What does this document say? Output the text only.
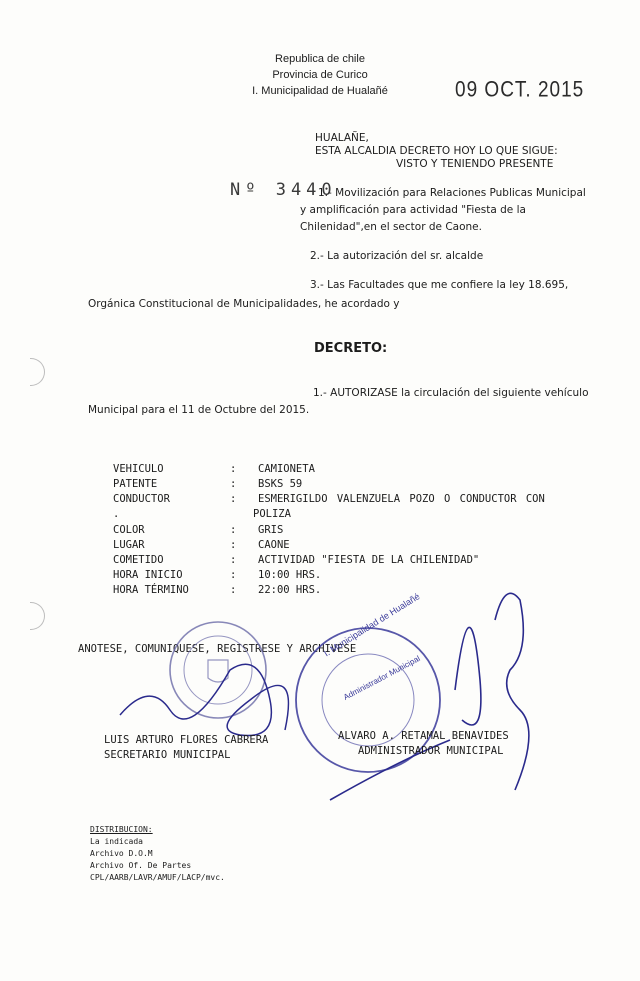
Republica de chile
Provincia de Curico
I. Municipalidad de Hualañé	09 OCT. 2015
HUALAÑE,
ESTA ALCALDIA DECRETO HOY LO QUE SIGUE:
VISTO Y TENIENDO PRESENTE
Nº 3440
1.- Movilización para Relaciones Publicas Municipal
y amplificación para actividad "Fiesta de la
Chilenidad",en el sector de Caone.
2.- La autorización del sr. alcalde
3.- Las Facultades que me confiere la ley 18.695,
Orgánica Constitucional de Municipalidades, he acordado y
DECRETO:
1.- AUTORIZASE la circulación del siguiente vehículo
Municipal para el 11 de Octubre del 2015.
VEHICULO	: CAMIONETA
PATENTE	: BSKS 59
CONDUCTOR	: ESMERIGILDO VALENZUELA POZO O CONDUCTOR CON
.	POLIZA
COLOR	: GRIS
LUGAR	: CAONE
COMETIDO	: ACTIVIDAD "FIESTA DE LA CHILENIDAD"
HORA INICIO	: 10:00 HRS.
HORA TÉRMINO	: 22:00 HRS.
ANOTESE, COMUNIQUESE, REGISTRESE Y ARCHIVESE
I. Municipalidad de Hualañé
Administrador Municipal
LUIS ARTURO FLORES CABRERA
SECRETARIO MUNICIPAL
ALVARO A. RETAMAL BENAVIDES
ADMINISTRADOR MUNICIPAL
DISTRIBUCION:
La indicada
Archivo D.O.M
Archivo Of. De Partes
CPL/AARB/LAVR/AMUF/LACP/mvc.
